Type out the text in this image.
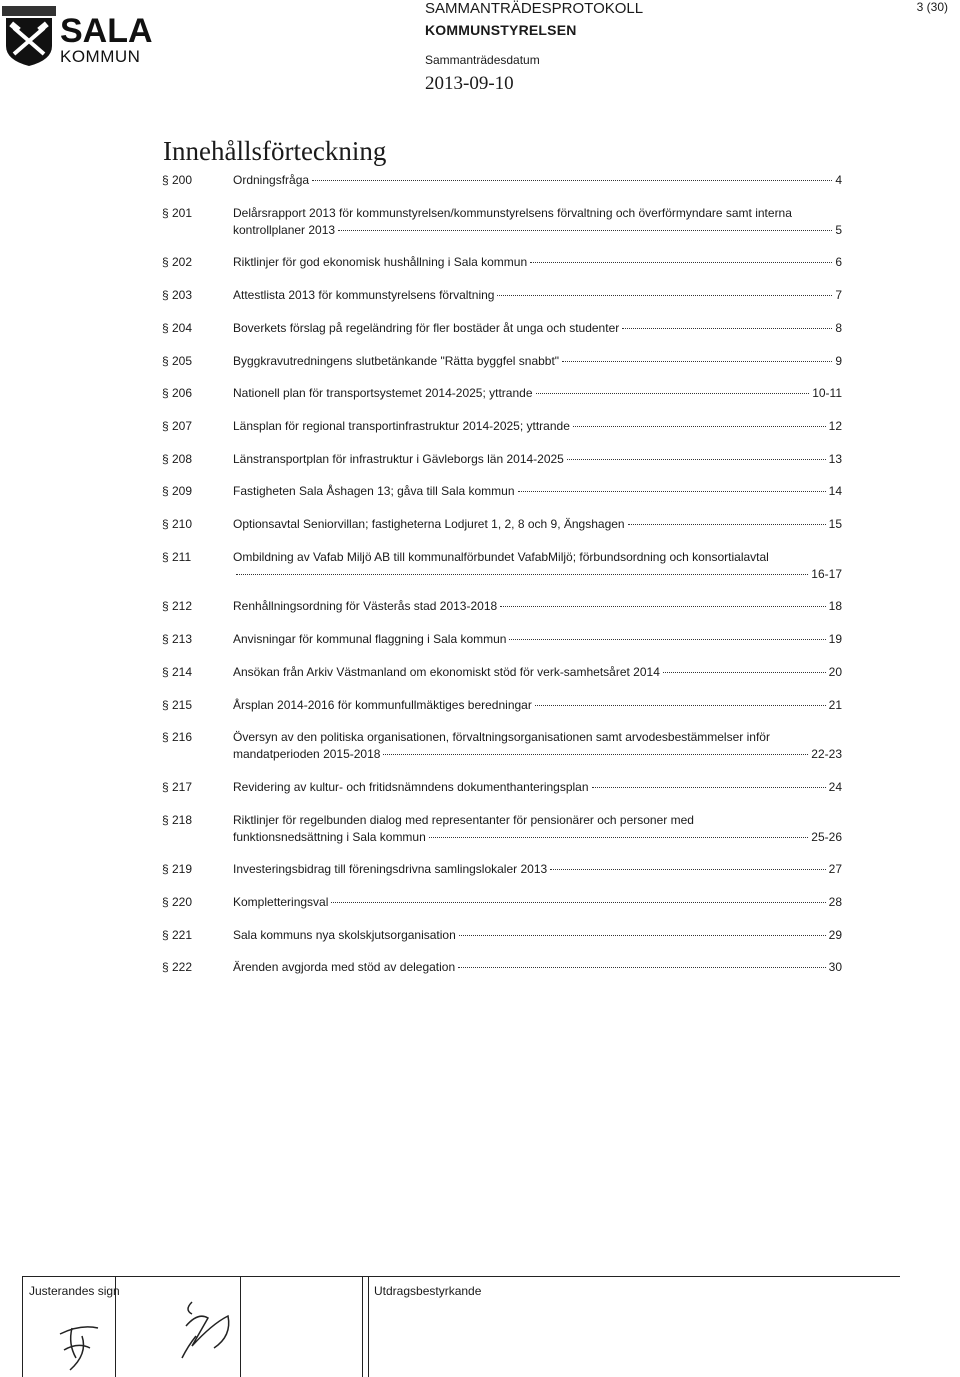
SALA
KOMMUN
SAMMANTRÄDESPROTOKOLL
KOMMUNSTYRELSEN
Sammanträdesdatum
2013-09-10
3 (30)
Innehållsförteckning
§ 200	Ordningsfråga	4
§ 201	Delårsrapport 2013 för kommunstyrelsen/kommunstyrelsens förvaltning och överförmyndare samt interna
kontrollplaner 2013	5
§ 202	Riktlinjer för god ekonomisk hushållning i Sala kommun	6
§ 203	Attestlista 2013 för kommunstyrelsens förvaltning	7
§ 204	Boverkets förslag på regeländring för fler bostäder åt unga och studenter	8
§ 205	Byggkravutredningens slutbetänkande "Rätta byggfel snabbt"	9
§ 206	Nationell plan för transportsystemet 2014-2025; yttrande	10-11
§ 207	Länsplan för regional transportinfrastruktur 2014-2025; yttrande	12
§ 208	Länstransportplan för infrastruktur i Gävleborgs län 2014-2025	13
§ 209	Fastigheten Sala Åshagen 13; gåva till Sala kommun	14
§ 210	Optionsavtal Seniorvillan; fastigheterna Lodjuret 1, 2, 8 och 9, Ängshagen	15
§ 211	Ombildning av Vafab Miljö AB till kommunalförbundet VafabMiljö; förbundsordning och konsortialavtal
16-17
§ 212	Renhållningsordning för Västerås stad 2013-2018	18
§ 213	Anvisningar för kommunal flaggning i Sala kommun	19
§ 214	Ansökan från Arkiv Västmanland om ekonomiskt stöd för verk-samhetsåret 2014	20
§ 215	Årsplan 2014-2016 för kommunfullmäktiges beredningar	21
§ 216	Översyn av den politiska organisationen, förvaltningsorganisationen samt arvodesbestämmelser inför
mandatperioden 2015-2018	22-23
§ 217	Revidering av kultur- och fritidsnämndens dokumenthanteringsplan	24
§ 218	Riktlinjer för regelbunden dialog med representanter för pensionärer och personer med
funktionsnedsättning i Sala kommun	25-26
§ 219	Investeringsbidrag till föreningsdrivna samlingslokaler 2013	27
§ 220	Kompletteringsval	28
§ 221	Sala kommuns nya skolskjutsorganisation	29
§ 222	Ärenden avgjorda med stöd av delegation	30
Justerandes sign	Utdragsbestyrkande
